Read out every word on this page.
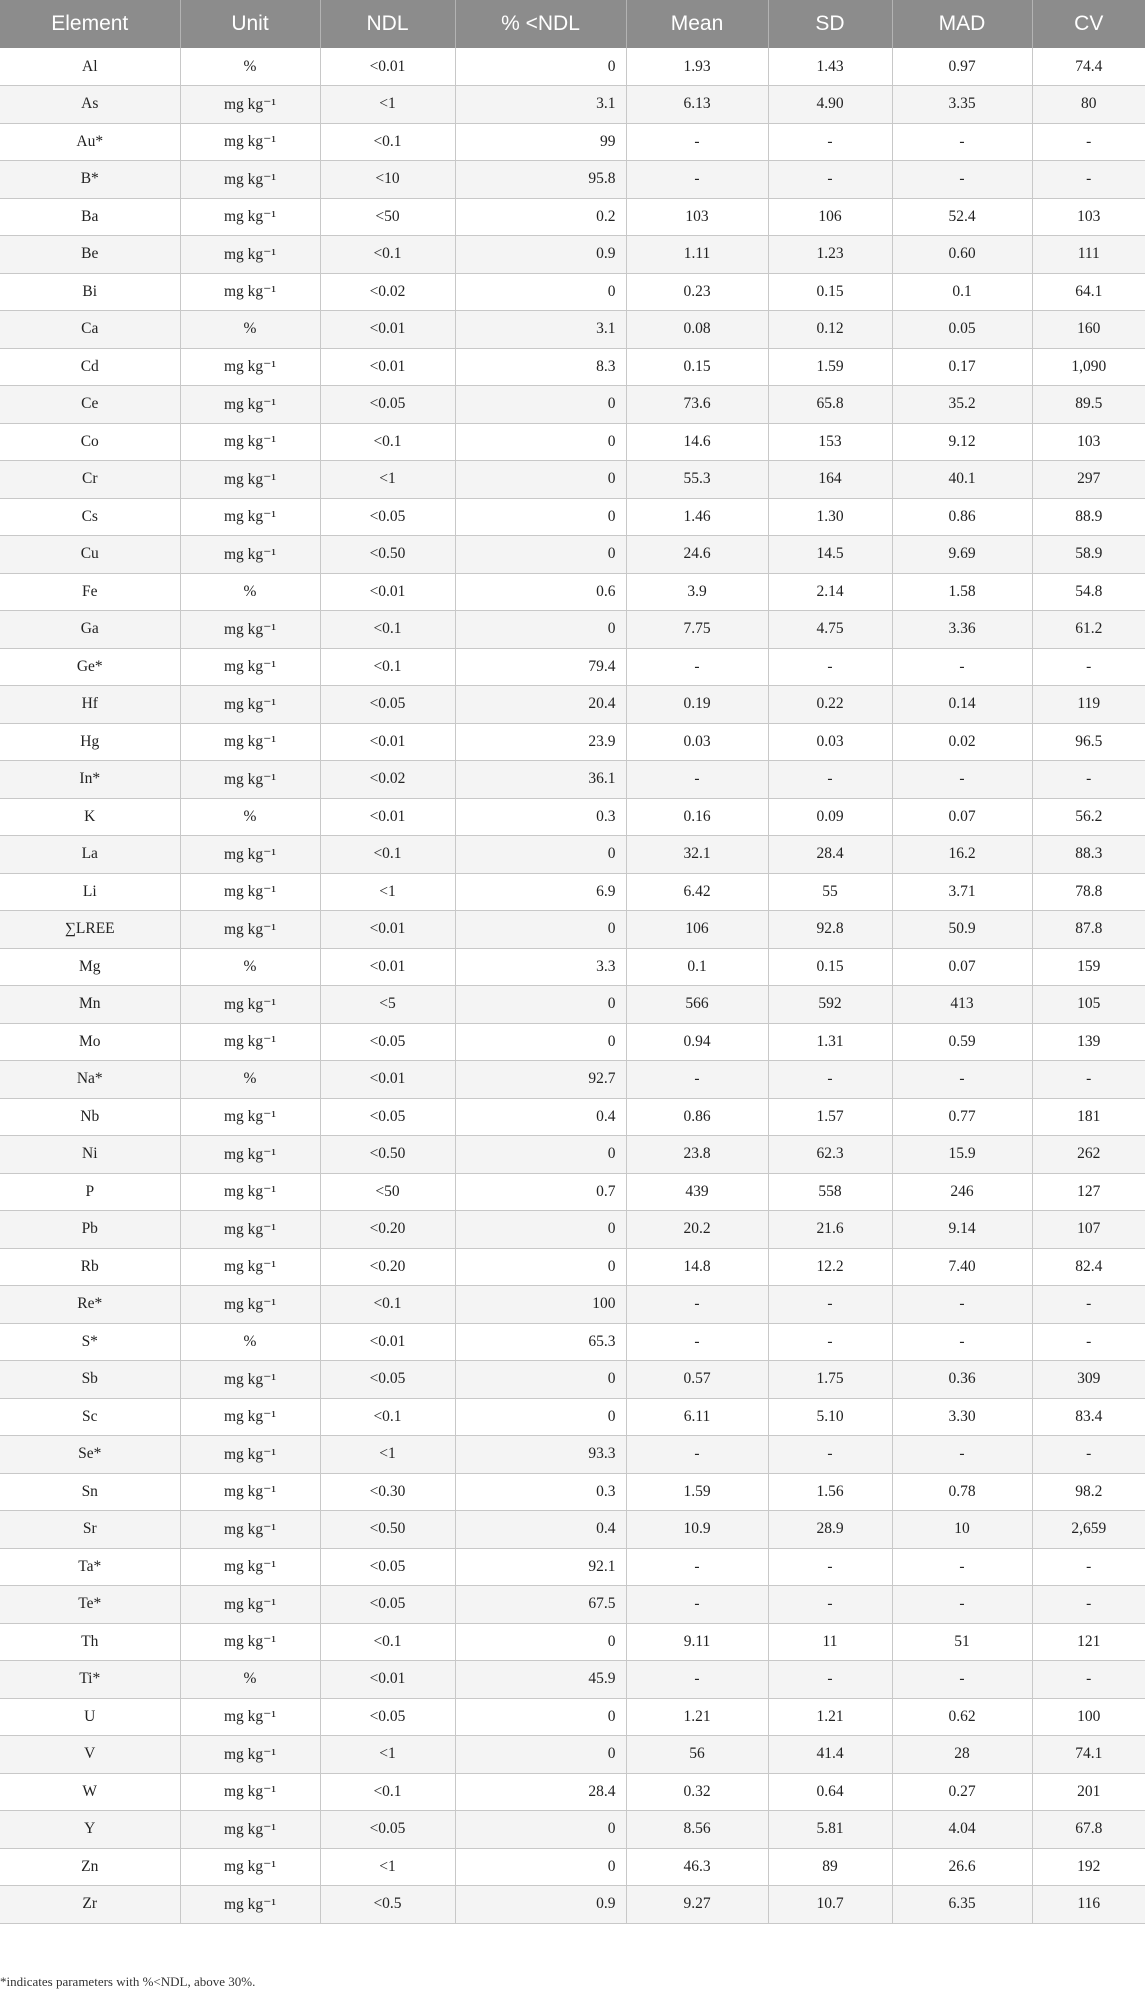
Element	Unit	NDL	% <NDL	Mean	SD	MAD	CV
Al	%	<0.01	0	1.93	1.43	0.97	74.4
As	mg kg⁻¹	<1	3.1	6.13	4.90	3.35	80
Au*	mg kg⁻¹	<0.1	99	-	-	-	-
B*	mg kg⁻¹	<10	95.8	-	-	-	-
Ba	mg kg⁻¹	<50	0.2	103	106	52.4	103
Be	mg kg⁻¹	<0.1	0.9	1.11	1.23	0.60	111
Bi	mg kg⁻¹	<0.02	0	0.23	0.15	0.1	64.1
Ca	%	<0.01	3.1	0.08	0.12	0.05	160
Cd	mg kg⁻¹	<0.01	8.3	0.15	1.59	0.17	1,090
Ce	mg kg⁻¹	<0.05	0	73.6	65.8	35.2	89.5
Co	mg kg⁻¹	<0.1	0	14.6	153	9.12	103
Cr	mg kg⁻¹	<1	0	55.3	164	40.1	297
Cs	mg kg⁻¹	<0.05	0	1.46	1.30	0.86	88.9
Cu	mg kg⁻¹	<0.50	0	24.6	14.5	9.69	58.9
Fe	%	<0.01	0.6	3.9	2.14	1.58	54.8
Ga	mg kg⁻¹	<0.1	0	7.75	4.75	3.36	61.2
Ge*	mg kg⁻¹	<0.1	79.4	-	-	-	-
Hf	mg kg⁻¹	<0.05	20.4	0.19	0.22	0.14	119
Hg	mg kg⁻¹	<0.01	23.9	0.03	0.03	0.02	96.5
In*	mg kg⁻¹	<0.02	36.1	-	-	-	-
K	%	<0.01	0.3	0.16	0.09	0.07	56.2
La	mg kg⁻¹	<0.1	0	32.1	28.4	16.2	88.3
Li	mg kg⁻¹	<1	6.9	6.42	55	3.71	78.8
∑LREE	mg kg⁻¹	<0.01	0	106	92.8	50.9	87.8
Mg	%	<0.01	3.3	0.1	0.15	0.07	159
Mn	mg kg⁻¹	<5	0	566	592	413	105
Mo	mg kg⁻¹	<0.05	0	0.94	1.31	0.59	139
Na*	%	<0.01	92.7	-	-	-	-
Nb	mg kg⁻¹	<0.05	0.4	0.86	1.57	0.77	181
Ni	mg kg⁻¹	<0.50	0	23.8	62.3	15.9	262
P	mg kg⁻¹	<50	0.7	439	558	246	127
Pb	mg kg⁻¹	<0.20	0	20.2	21.6	9.14	107
Rb	mg kg⁻¹	<0.20	0	14.8	12.2	7.40	82.4
Re*	mg kg⁻¹	<0.1	100	-	-	-	-
S*	%	<0.01	65.3	-	-	-	-
Sb	mg kg⁻¹	<0.05	0	0.57	1.75	0.36	309
Sc	mg kg⁻¹	<0.1	0	6.11	5.10	3.30	83.4
Se*	mg kg⁻¹	<1	93.3	-	-	-	-
Sn	mg kg⁻¹	<0.30	0.3	1.59	1.56	0.78	98.2
Sr	mg kg⁻¹	<0.50	0.4	10.9	28.9	10	2,659
Ta*	mg kg⁻¹	<0.05	92.1	-	-	-	-
Te*	mg kg⁻¹	<0.05	67.5	-	-	-	-
Th	mg kg⁻¹	<0.1	0	9.11	11	51	121
Ti*	%	<0.01	45.9	-	-	-	-
U	mg kg⁻¹	<0.05	0	1.21	1.21	0.62	100
V	mg kg⁻¹	<1	0	56	41.4	28	74.1
W	mg kg⁻¹	<0.1	28.4	0.32	0.64	0.27	201
Y	mg kg⁻¹	<0.05	0	8.56	5.81	4.04	67.8
Zn	mg kg⁻¹	<1	0	46.3	89	26.6	192
Zr	mg kg⁻¹	<0.5	0.9	9.27	10.7	6.35	116
*indicates parameters with %<NDL, above 30%.
